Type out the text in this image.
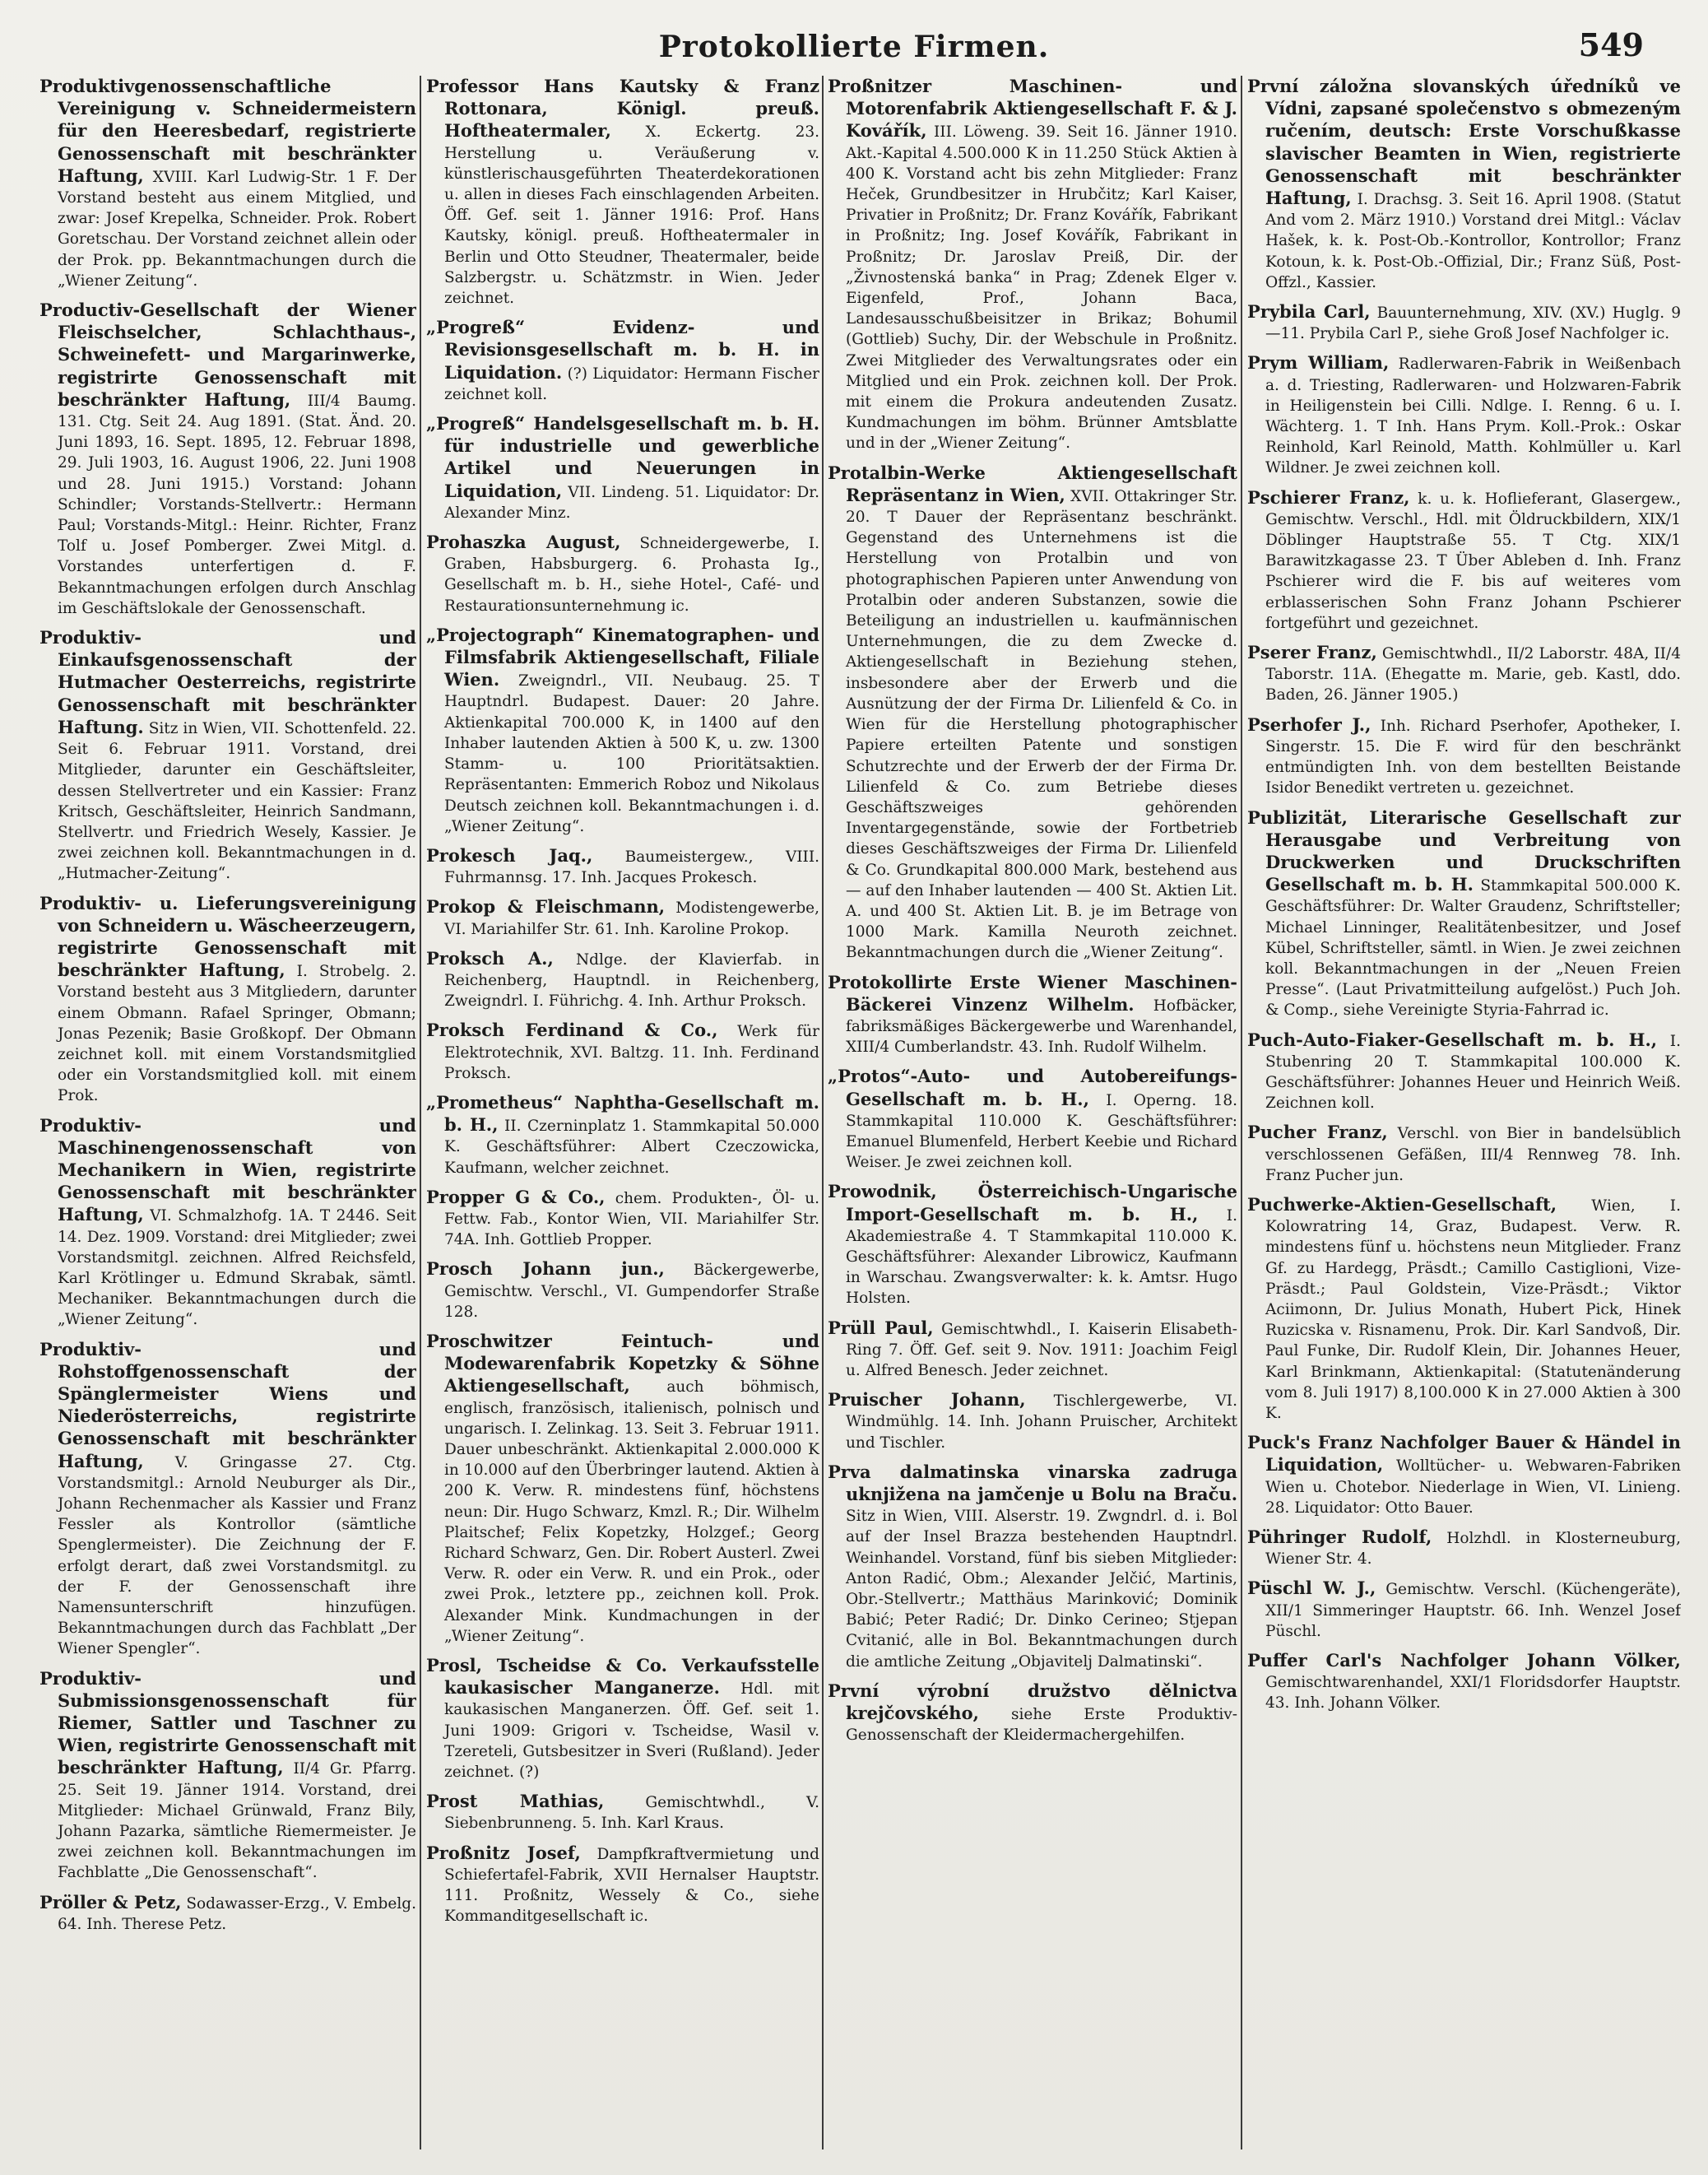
Protokollierte Firmen.	549

Produktivgenossenschaftliche Vereinigung v. Schneidermeistern für den Heeresbedarf, registrierte Genossenschaft mit beschränkter Haftung, XVIII. Karl Ludwig-Str. 1 F. Der Vorstand besteht aus einem Mitglied, und zwar: Josef Krepelka, Schneider. Prok. Robert Goretschau. Der Vorstand zeichnet allein oder der Prok. pp. Bekanntmachungen durch die „Wiener Zeitung“.

Productiv-Gesellschaft der Wiener Fleischselcher, Schlachthaus-, Schweinefett- und Margarinwerke, registrirte Genossenschaft mit beschränkter Haftung, III/4 Baumg. 131. Ctg. Seit 24. Aug 1891. (Stat. Änd. 20. Juni 1893, 16. Sept. 1895, 12. Februar 1898, 29. Juli 1903, 16. August 1906, 22. Juni 1908 und 28. Juni 1915.) Vorstand: Johann Schindler; Vorstands-Stellvertr.: Hermann Paul; Vorstands-Mitgl.: Heinr. Richter, Franz Tolf u. Josef Pomberger. Zwei Mitgl. d. Vorstandes unterfertigen d. F. Bekanntmachungen erfolgen durch Anschlag im Geschäftslokale der Genossenschaft.

Produktiv- und Einkaufsgenossenschaft der Hutmacher Oesterreichs, registrirte Genossenschaft mit beschränkter Haftung. Sitz in Wien, VII. Schottenfeld. 22. Seit 6. Februar 1911. Vorstand, drei Mitglieder, darunter ein Geschäftsleiter, dessen Stellvertreter und ein Kassier: Franz Kritsch, Geschäftsleiter, Heinrich Sandmann, Stellvertr. und Friedrich Wesely, Kassier. Je zwei zeichnen koll. Bekanntmachungen in d. „Hutmacher-Zeitung“.

Produktiv- u. Lieferungsvereinigung von Schneidern u. Wäscheerzeugern, registrirte Genossenschaft mit beschränkter Haftung, I. Strobelg. 2. Vorstand besteht aus 3 Mitgliedern, darunter einem Obmann. Rafael Springer, Obmann; Jonas Pezenik; Basie Großkopf. Der Obmann zeichnet koll. mit einem Vorstandsmitglied oder ein Vorstandsmitglied koll. mit einem Prok.

Produktiv- und Maschinengenossenschaft von Mechanikern in Wien, registrirte Genossenschaft mit beschränkter Haftung, VI. Schmalzhofg. 1A. T 2446. Seit 14. Dez. 1909. Vorstand: drei Mitglieder; zwei Vorstandsmitgl. zeichnen. Alfred Reichsfeld, Karl Krötlinger u. Edmund Skrabak, sämtl. Mechaniker. Bekanntmachungen durch die „Wiener Zeitung“.

Produktiv- und Rohstoffgenossenschaft der Spänglermeister Wiens und Niederösterreichs, registrirte Genossenschaft mit beschränkter Haftung, V. Gringasse 27. Ctg. Vorstandsmitgl.: Arnold Neuburger als Dir., Johann Rechenmacher als Kassier und Franz Fessler als Kontrollor (sämtliche Spenglermeister). Die Zeichnung der F. erfolgt derart, daß zwei Vorstandsmitgl. zu der F. der Genossenschaft ihre Namensunterschrift hinzufügen. Bekanntmachungen durch das Fachblatt „Der Wiener Spengler“.

Produktiv- und Submissionsgenossenschaft für Riemer, Sattler und Taschner zu Wien, registrirte Genossenschaft mit beschränkter Haftung, II/4 Gr. Pfarrg. 25. Seit 19. Jänner 1914. Vorstand, drei Mitglieder: Michael Grünwald, Franz Bily, Johann Pazarka, sämtliche Riemermeister. Je zwei zeichnen koll. Bekanntmachungen im Fachblatte „Die Genossenschaft“.

Pröller & Petz, Sodawasser-Erzg., V. Embelg. 64. Inh. Therese Petz.

Professor Hans Kautsky & Franz Rottonara, Königl. preuß. Hoftheatermaler, X. Eckertg. 23. Herstellung u. Veräußerung v. künstlerischausgeführten Theaterdekorationen u. allen in dieses Fach einschlagenden Arbeiten. Öff. Gef. seit 1. Jänner 1916: Prof. Hans Kautsky, königl. preuß. Hoftheatermaler in Berlin und Otto Steudner, Theatermaler, beide Salzbergstr. u. Schätzmstr. in Wien. Jeder zeichnet.

„Progreß“ Evidenz- und Revisionsgesellschaft m. b. H. in Liquidation. (?) Liquidator: Hermann Fischer zeichnet koll.

„Progreß“ Handelsgesellschaft m. b. H. für industrielle und gewerbliche Artikel und Neuerungen in Liquidation, VII. Lindeng. 51. Liquidator: Dr. Alexander Minz.

Prohaszka August, Schneidergewerbe, I. Graben, Habsburgerg. 6. Prohasta Ig., Gesellschaft m. b. H., siehe Hotel-, Café- und Restaurationsunternehmung ic.

„Projectograph“ Kinematographen- und Filmsfabrik Aktiengesellschaft, Filiale Wien. Zweigndrl., VII. Neubaug. 25. T Hauptndrl. Budapest. Dauer: 20 Jahre. Aktienkapital 700.000 K, in 1400 auf den Inhaber lautenden Aktien à 500 K, u. zw. 1300 Stamm- u. 100 Prioritätsaktien. Repräsentanten: Emmerich Roboz und Nikolaus Deutsch zeichnen koll. Bekanntmachungen i. d. „Wiener Zeitung“.

Prokesch Jaq., Baumeistergew., VIII. Fuhrmannsg. 17. Inh. Jacques Prokesch.

Prokop & Fleischmann, Modistengewerbe, VI. Mariahilfer Str. 61. Inh. Karoline Prokop.

Proksch A., Ndlge. der Klavierfab. in Reichenberg, Hauptndl. in Reichenberg, Zweigndrl. I. Führichg. 4. Inh. Arthur Proksch.

Proksch Ferdinand & Co., Werk für Elektrotechnik, XVI. Baltzg. 11. Inh. Ferdinand Proksch.

„Prometheus“ Naphtha-Gesellschaft m. b. H., II. Czerninplatz 1. Stammkapital 50.000 K. Geschäftsführer: Albert Czeczowicka, Kaufmann, welcher zeichnet.

Propper G & Co., chem. Produkten-, Öl- u. Fettw. Fab., Kontor Wien, VII. Mariahilfer Str. 74A. Inh. Gottlieb Propper.

Prosch Johann jun., Bäckergewerbe, Gemischtw. Verschl., VI. Gumpendorfer Straße 128.

Proschwitzer Feintuch- und Modewarenfabrik Kopetzky & Söhne Aktiengesellschaft, auch böhmisch, englisch, französisch, italienisch, polnisch und ungarisch. I. Zelinkag. 13. Seit 3. Februar 1911. Dauer unbeschränkt. Aktienkapital 2.000.000 K in 10.000 auf den Überbringer lautend. Aktien à 200 K. Verw. R. mindestens fünf, höchstens neun: Dir. Hugo Schwarz, Kmzl. R.; Dir. Wilhelm Plaitschef; Felix Kopetzky, Holzgef.; Georg Richard Schwarz, Gen. Dir. Robert Austerl. Zwei Verw. R. oder ein Verw. R. und ein Prok., oder zwei Prok., letztere pp., zeichnen koll. Prok. Alexander Mink. Kundmachungen in der „Wiener Zeitung“.

Prosl, Tscheidse & Co. Verkaufsstelle kaukasischer Manganerze. Hdl. mit kaukasischen Manganerzen. Öff. Gef. seit 1. Juni 1909: Grigori v. Tscheidse, Wasil v. Tzereteli, Gutsbesitzer in Sveri (Rußland). Jeder zeichnet. (?)

Prost Mathias,	Gemischtwhdl., V. Siebenbrunneng. 5. Inh. Karl Kraus.

Proßnitz Josef, Dampfkraftvermietung und Schiefertafel-Fabrik, XVII Hernalser Hauptstr. 111. Proßnitz, Wessely & Co., siehe Kommanditgesellschaft ic.

Proßnitzer Maschinen- und Motorenfabrik Aktiengesellschaft F. & J. Kovářík, III. Löweng. 39. Seit 16. Jänner 1910. Akt.-Kapital 4.500.000 K in 11.250 Stück Aktien à 400 K. Vorstand acht bis zehn Mitglieder: Franz Heček, Grundbesitzer in Hrubčitz; Karl Kaiser, Privatier in Proßnitz; Dr. Franz Kovářík, Fabrikant in Proßnitz; Ing. Josef Kovářík, Fabrikant in Proßnitz; Dr. Jaroslav Preiß, Dir. der „Živnostenská banka“ in Prag; Zdenek Elger v. Eigenfeld, Prof., Johann Baca, Landesausschußbeisitzer in Brikaz; Bohumil (Gottlieb) Suchy, Dir. der Webschule in Proßnitz. Zwei Mitglieder des Verwaltungsrates oder ein Mitglied und ein Prok. zeichnen koll. Der Prok. mit einem die Prokura andeutenden Zusatz. Kundmachungen im böhm. Brünner Amtsblatte und in der „Wiener Zeitung“.

Protalbin-Werke Aktiengesellschaft Repräsentanz in Wien, XVII. Ottakringer Str. 20. T Dauer der Repräsentanz beschränkt. Gegenstand des Unternehmens ist die Herstellung von Protalbin und von photographischen Papieren unter Anwendung von Protalbin oder anderen Substanzen, sowie die Beteiligung an industriellen u. kaufmännischen Unternehmungen, die zu dem Zwecke d. Aktiengesellschaft in Beziehung stehen, insbesondere aber der Erwerb und die Ausnützung der der Firma Dr. Lilienfeld & Co. in Wien für die Herstellung photographischer Papiere erteilten Patente und sonstigen Schutzrechte und der Erwerb der der Firma Dr. Lilienfeld & Co. zum Betriebe dieses Geschäftszweiges gehörenden Inventargegenstände, sowie der Fortbetrieb dieses Geschäftszweiges der Firma Dr. Lilienfeld & Co. Grundkapital 800.000 Mark, bestehend aus — auf den Inhaber lautenden — 400 St. Aktien Lit. A. und 400 St. Aktien Lit. B. je im Betrage von 1000 Mark. Kamilla Neuroth zeichnet. Bekanntmachungen durch die „Wiener Zeitung“.

Protokollirte Erste Wiener Maschinen-Bäckerei Vinzenz Wilhelm. Hofbäcker, fabriksmäßiges Bäckergewerbe und Warenhandel, XIII/4 Cumberlandstr. 43. Inh. Rudolf Wilhelm.

„Protos“-Auto- und Autobereifungs-Gesellschaft m. b. H., I. Operng. 18. Stammkapital 110.000 K. Geschäftsführer: Emanuel Blumenfeld, Herbert Keebie und Richard Weiser. Je zwei zeichnen koll.

Prowodnik, Österreichisch-Ungarische Import-Gesellschaft m. b. H., I. Akademiestraße 4. T Stammkapital 110.000 K. Geschäftsführer: Alexander Librowicz, Kaufmann in Warschau. Zwangsverwalter: k. k. Amtsr. Hugo Holsten.

Prüll Paul, Gemischtwhdl., I. Kaiserin Elisabeth-Ring 7. Öff. Gef. seit 9. Nov. 1911: Joachim Feigl u. Alfred Benesch. Jeder zeichnet.

Pruischer Johann, Tischlergewerbe, VI. Windmühlg. 14. Inh. Johann Pruischer, Architekt und Tischler.

Prva dalmatinska vinarska zadruga uknjižena na jamčenje u Bolu na Braču. Sitz in Wien, VIII. Alserstr. 19. Zwgndrl. d. i. Bol auf der Insel Brazza bestehenden Hauptndrl. Weinhandel. Vorstand, fünf bis sieben Mitglieder: Anton Radić, Obm.; Alexander Jelčić, Martinis, Obr.-Stellvertr.; Matthäus Marinković; Dominik Babić; Peter Radić; Dr. Dinko Cerineo; Stjepan Cvitanić, alle in Bol. Bekanntmachungen durch die amtliche Zeitung „Objavitelj Dalmatinski“.

První výrobní družstvo dělnictva krejčovského, siehe Erste Produktiv-Genossenschaft der Kleidermachergehilfen.

První záložna slovanských úředníků ve Vídni, zapsané společenstvo s obmezeným ručením, deutsch: Erste Vorschußkasse slavischer Beamten in Wien, registrierte Genossenschaft mit beschränkter Haftung, I. Drachsg. 3. Seit 16. April 1908. (Statut And vom 2. März 1910.) Vorstand drei Mitgl.: Václav Hašek, k. k. Post-Ob.-Kontrollor, Kontrollor; Franz Kotoun, k. k. Post-Ob.-Offizial, Dir.; Franz Süß, Post-Offzl., Kassier.

Prybila Carl, Bauunternehmung, XIV. (XV.) Huglg. 9—11. Prybila Carl P., siehe Groß Josef Nachfolger ic.

Prym William, Radlerwaren-Fabrik in Weißenbach a. d. Triesting, Radlerwaren- und Holzwaren-Fabrik in Heiligenstein bei Cilli. Ndlge. I. Renng. 6 u. I. Wächterg. 1. T Inh. Hans Prym. Koll.-Prok.: Oskar Reinhold, Karl Reinold, Matth. Kohlmüller u. Karl Wildner. Je zwei zeichnen koll.

Pschierer Franz, k. u. k. Hoflieferant, Glasergew., Gemischtw. Verschl., Hdl. mit Öldruckbildern, XIX/1 Döblinger Hauptstraße 55. T Ctg. XIX/1 Barawitzkagasse 23. T Über Ableben d. Inh. Franz Pschierer wird die F. bis auf weiteres vom erblasserischen Sohn Franz Johann Pschierer fortgeführt und gezeichnet.

Pserer Franz, Gemischtwhdl., II/2 Laborstr. 48A, II/4 Taborstr. 11A. (Ehegatte m. Marie, geb. Kastl, ddo. Baden, 26. Jänner 1905.)

Pserhofer J., Inh. Richard Pserhofer, Apotheker, I. Singerstr. 15. Die F. wird für den beschränkt entmündigten Inh. von dem bestellten Beistande Isidor Benedikt vertreten u. gezeichnet.

Publizität, Literarische Gesellschaft zur Herausgabe und Verbreitung von Druckwerken und Druckschriften Gesellschaft m. b. H. Stammkapital 500.000 K. Geschäftsführer: Dr. Walter Graudenz, Schriftsteller; Michael Linninger, Realitätenbesitzer, und Josef Kübel, Schriftsteller, sämtl. in Wien. Je zwei zeichnen koll. Bekanntmachungen in der „Neuen Freien Presse“. (Laut Privatmitteilung aufgelöst.) Puch Joh. & Comp., siehe Vereinigte Styria-Fahrrad ic.

Puch-Auto-Fiaker-Gesellschaft m. b. H., I. Stubenring 20 T. Stammkapital 100.000 K. Geschäftsführer: Johannes Heuer und Heinrich Weiß. Zeichnen koll.

Pucher Franz, Verschl. von Bier in bandelsüblich verschlossenen Gefäßen, III/4 Rennweg 78. Inh. Franz Pucher jun.

Puchwerke-Aktien-Gesellschaft, Wien, I. Kolowratring 14, Graz, Budapest. Verw. R. mindestens fünf u. höchstens neun Mitglieder. Franz Gf. zu Hardegg, Präsdt.; Camillo Castiglioni, Vize-Präsdt.; Paul Goldstein, Vize-Präsdt.; Viktor Aciimonn, Dr. Julius Monath, Hubert Pick, Hinek Ruzicska v. Risnamenu, Prok. Dir. Karl Sandvoß, Dir. Paul Funke, Dir. Rudolf Klein, Dir. Johannes Heuer, Karl Brinkmann, Aktienkapital: (Statutenänderung vom 8. Juli 1917) 8,100.000 K in 27.000 Aktien à 300 K.

Puck's Franz Nachfolger Bauer & Händel in Liquidation, Wolltücher- u. Webwaren-Fabriken Wien u. Chotebor. Niederlage in Wien, VI. Linieng. 28. Liquidator: Otto Bauer.

Pühringer Rudolf, Holzhdl. in Klosterneuburg, Wiener Str. 4.

Püschl W. J., Gemischtw. Verschl. (Küchengeräte), XII/1 Simmeringer Hauptstr. 66. Inh. Wenzel Josef Püschl.

Puffer Carl's Nachfolger Johann Völker, Gemischtwarenhandel, XXI/1 Floridsdorfer Hauptstr. 43. Inh. Johann Völker.
